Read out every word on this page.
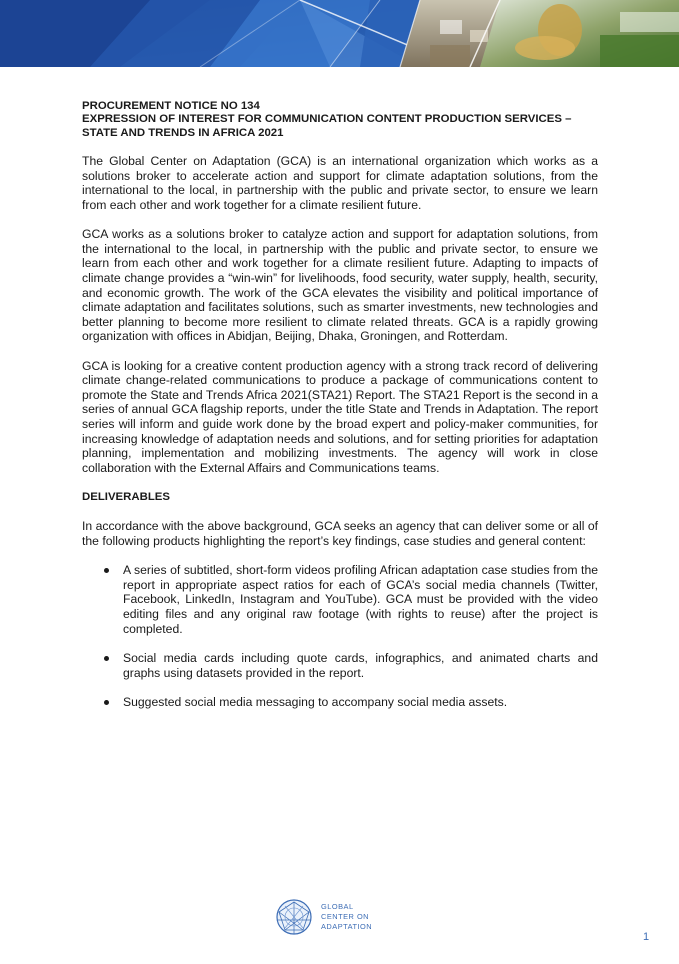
PROCUREMENT NOTICE NO 134

EXPRESSION OF INTEREST FOR COMMUNICATION CONTENT PRODUCTION SERVICES –

STATE AND TRENDS IN AFRICA 2021

The Global Center on Adaptation (GCA) is an international organization which works as a solutions broker to accelerate action and support for climate adaptation solutions, from the international to the local, in partnership with the public and private sector, to ensure we learn from each other and work together for a climate resilient future.

GCA works as a solutions broker to catalyze action and support for adaptation solutions, from the international to the local, in partnership with the public and private sector, to ensure we learn from each other and work together for a climate resilient future. Adapting to impacts of climate change provides a “win-win” for livelihoods, food security, water supply, health, security, and economic growth. The work of the GCA elevates the visibility and political importance of climate adaptation and facilitates solutions, such as smarter investments, new technologies and better planning to become more resilient to climate related threats. GCA is a rapidly growing organization with offices in Abidjan, Beijing, Dhaka, Groningen, and Rotterdam.

GCA is looking for a creative content production agency with a strong track record of delivering climate change-related communications to produce a package of communications content to promote the State and Trends Africa 2021(STA21) Report. The STA21 Report is the second in a series of annual GCA flagship reports, under the title State and Trends in Adaptation. The report series will inform and guide work done by the broad expert and policy-maker communities, for increasing knowledge of adaptation needs and solutions, and for setting priorities for adaptation planning, implementation and mobilizing investments. The agency will work in close collaboration with the External Affairs and Communications teams.

DELIVERABLES

In accordance with the above background, GCA seeks an agency that can deliver some or all of the following products highlighting the report’s key findings, case studies and general content:

A series of subtitled, short-form videos profiling African adaptation case studies from the report in appropriate aspect ratios for each of GCA’s social media channels (Twitter, Facebook, LinkedIn, Instagram and YouTube). GCA must be provided with the video editing files and any original raw footage (with rights to reuse) after the project is completed.
Social media cards including quote cards, infographics, and animated charts and graphs using datasets provided in the report.
Suggested social media messaging to accompany social media assets.
GLOBAL
CENTER ON
ADAPTATION
1
